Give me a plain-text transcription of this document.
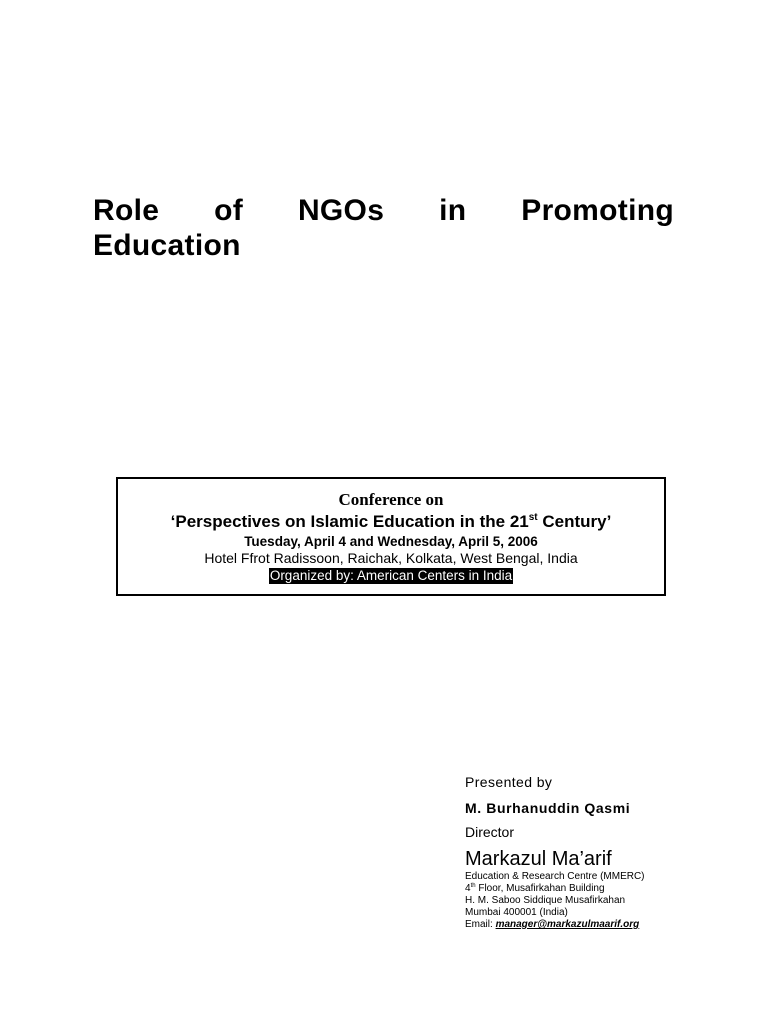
Role of NGOs in Promoting
Education
Conference on
‘Perspectives on Islamic Education in the 21st Century’
Tuesday, April 4 and Wednesday, April 5, 2006
Hotel Ffrot Radissoon, Raichak, Kolkata, West Bengal, India
Organized by: American Centers in India
Presented by
M. Burhanuddin Qasmi
Director
Markazul Ma’arif
Education & Research Centre (MMERC)
4th Floor, Musafirkahan Building
H. M. Saboo Siddique Musafirkahan
Mumbai 400001 (India)
Email: manager@markazulmaarif.org
